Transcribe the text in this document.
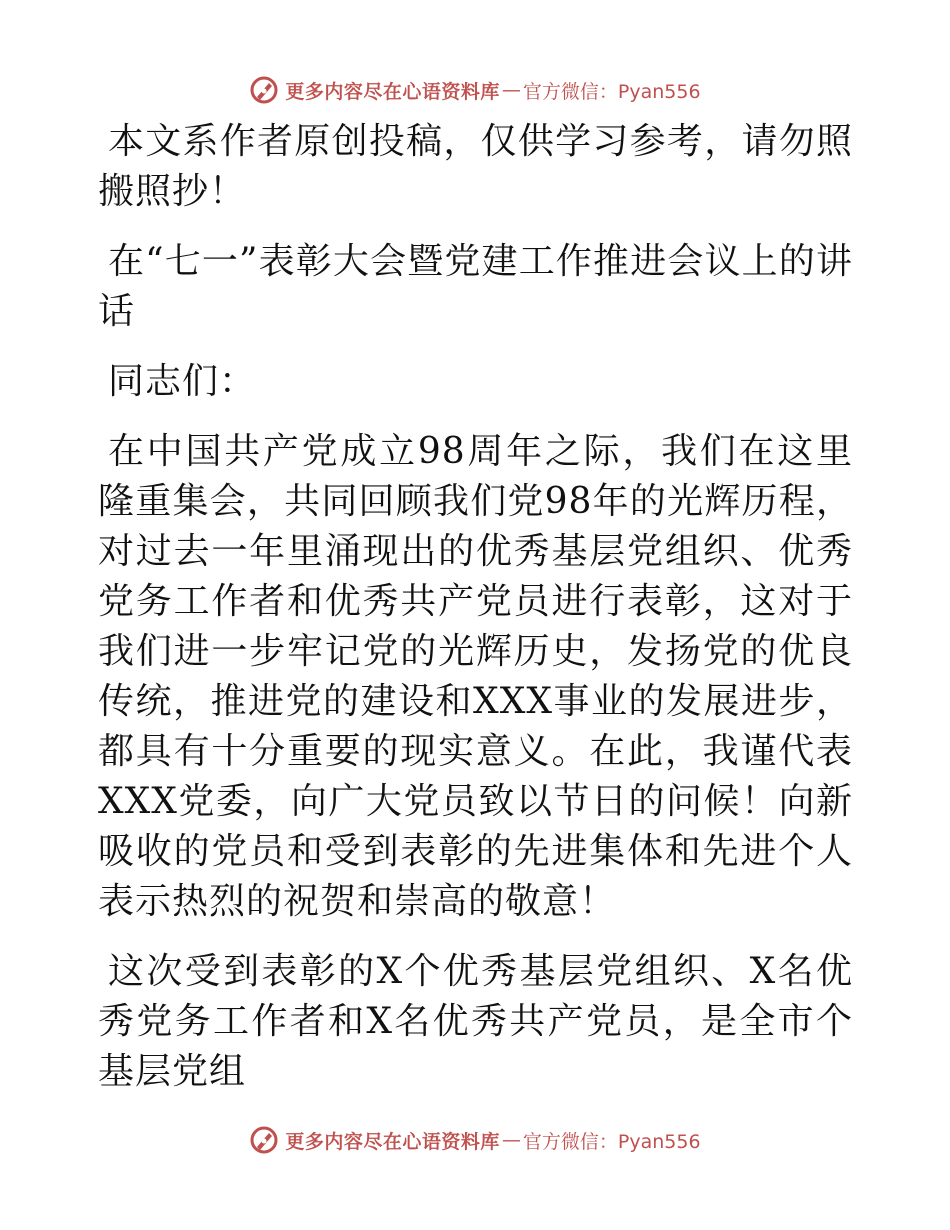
更多内容尽在心语资料库 — 官方微信：Pyan556

本文系作者原创投稿，仅供学习参考，请勿照搬照抄！

在“七一”表彰大会暨党建工作推进会议上的讲话

同志们：

在中国共产党成立98周年之际，我们在这里隆重集会，共同回顾我们党98年的光辉历程，对过去一年里涌现出的优秀基层党组织、优秀党务工作者和优秀共产党员进行表彰，这对于我们进一步牢记党的光辉历史，发扬党的优良传统，推进党的建设和XXX事业的发展进步，都具有十分重要的现实意义。在此，我谨代表XXX党委，向广大党员致以节日的问候！向新吸收的党员和受到表彰的先进集体和先进个人表示热烈的祝贺和崇高的敬意！

这次受到表彰的X个优秀基层党组织、X名优秀党务工作者和X名优秀共产党员，是全市个基层党组

更多内容尽在心语资料库 — 官方微信：Pyan556
